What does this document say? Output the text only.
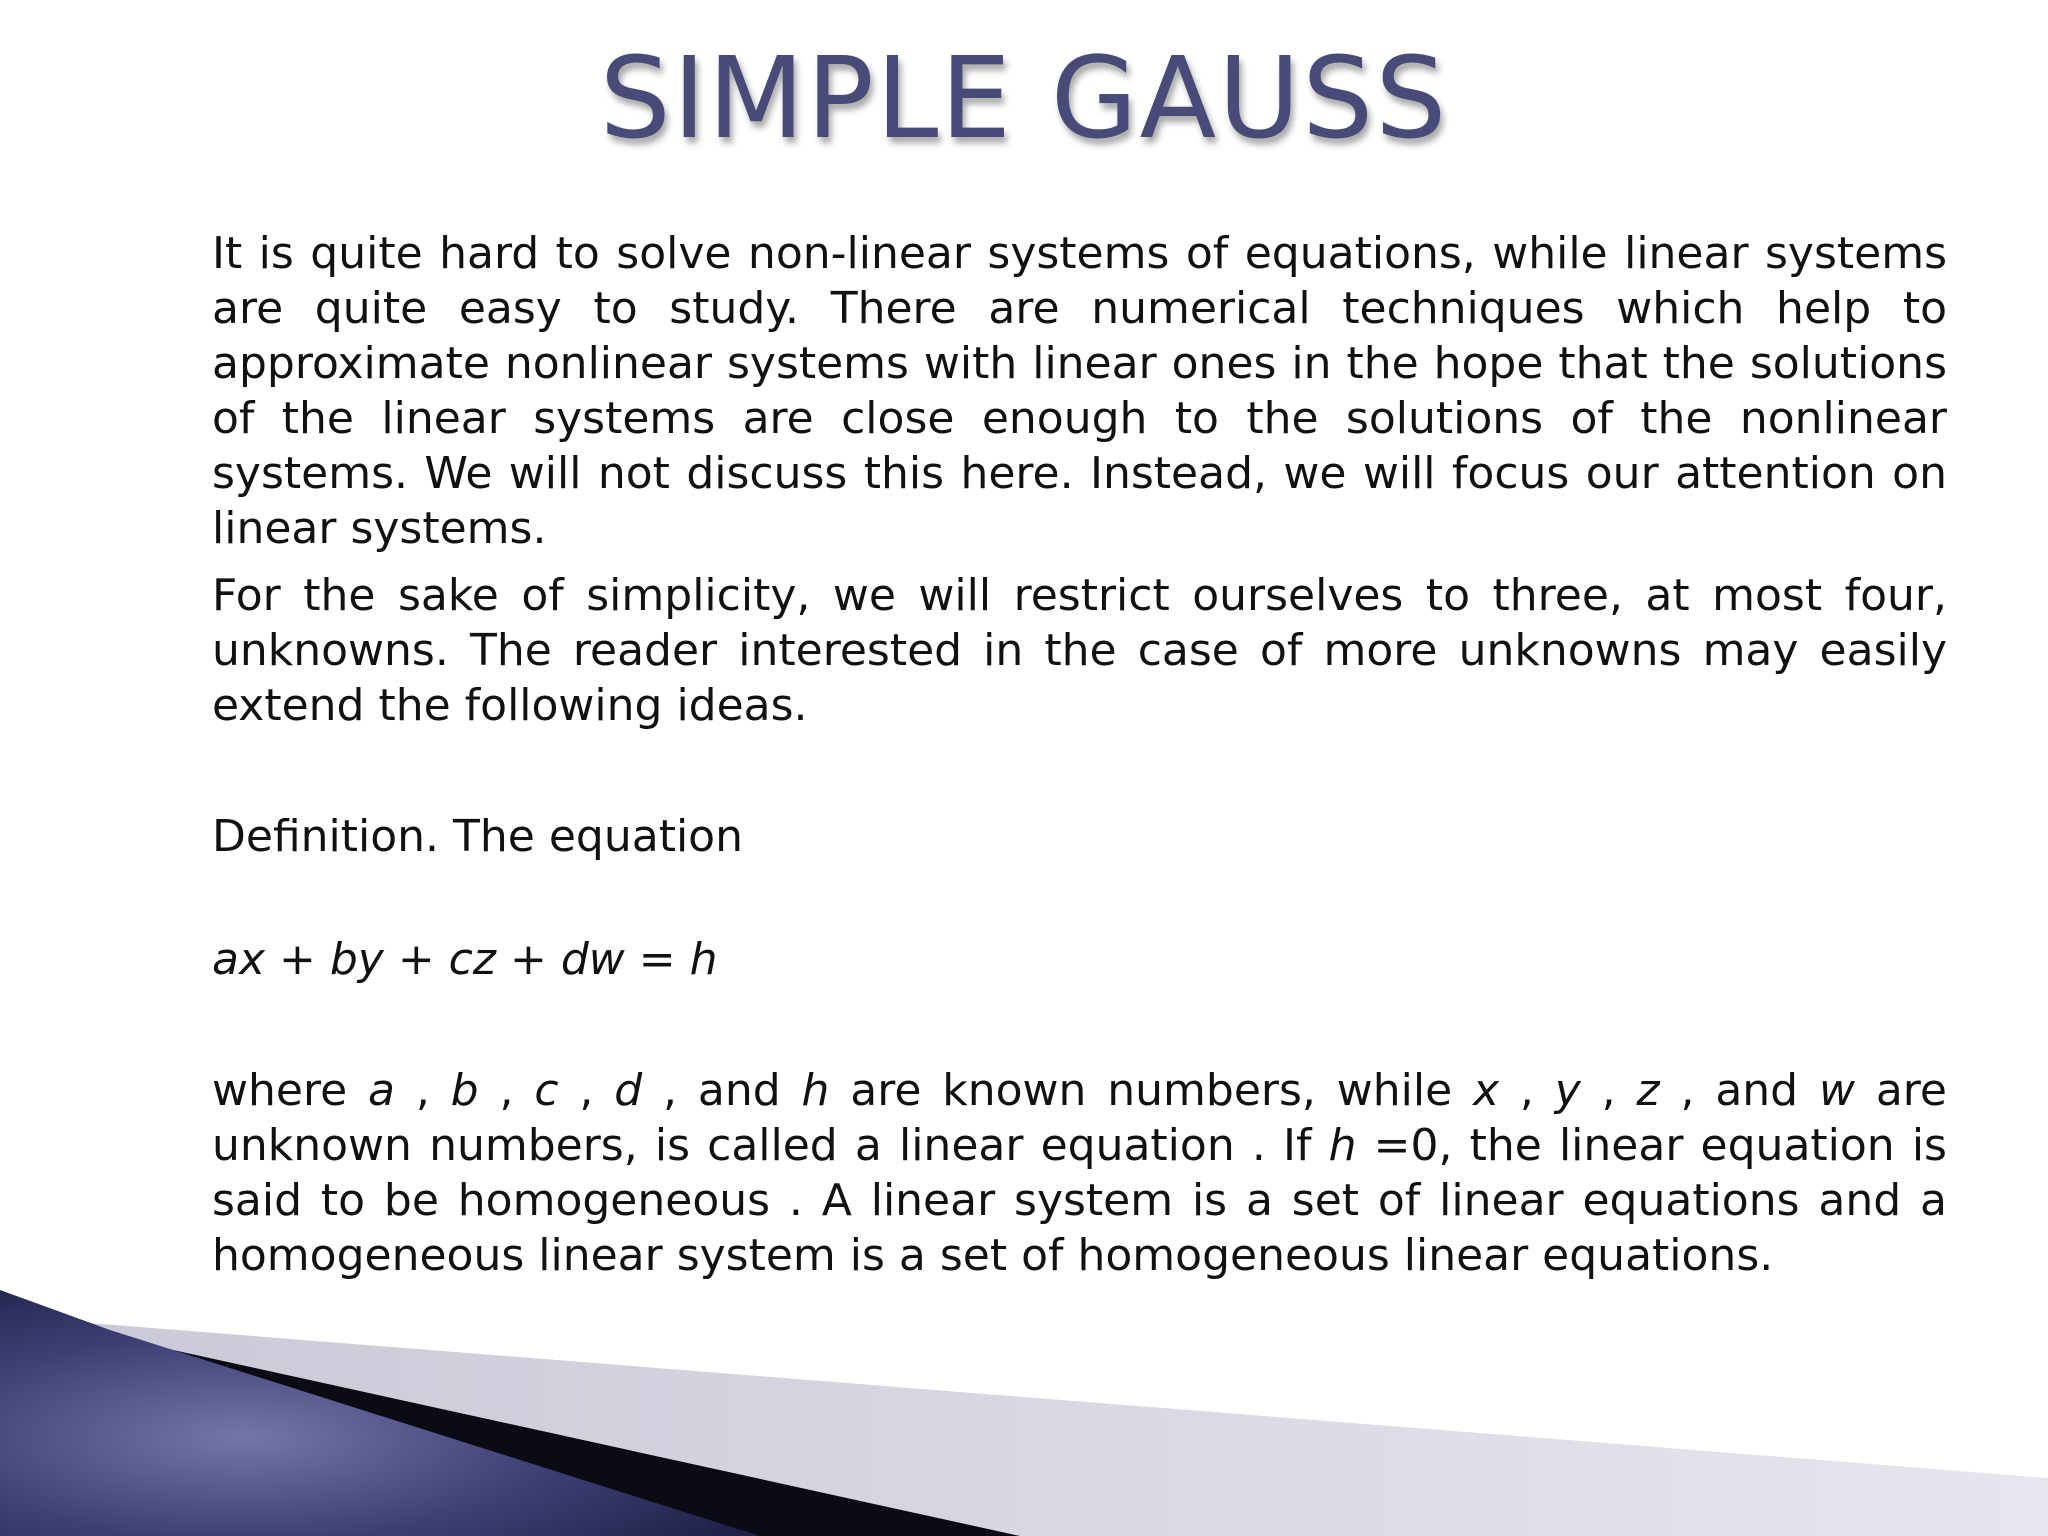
SIMPLE GAUSS

It is quite hard to solve non-linear systems of equations, while linear systems are quite easy to study. There are numerical techniques which help to approximate nonlinear systems with linear ones in the hope that the solutions of the linear systems are close enough to the solutions of the nonlinear systems. We will not discuss this here. Instead, we will focus our attention on linear systems.

For the sake of simplicity, we will restrict ourselves to three, at most four, unknowns. The reader interested in the case of more unknowns may easily extend the following ideas.

Definition. The equation

ax + by + cz + dw = h

where a , b , c , d , and h are known numbers, while x , y , z , and w are unknown numbers, is called a linear equation . If h =0, the linear equation is said to be homogeneous . A linear system is a set of linear equations and a homogeneous linear system is a set of homogeneous linear equations.
